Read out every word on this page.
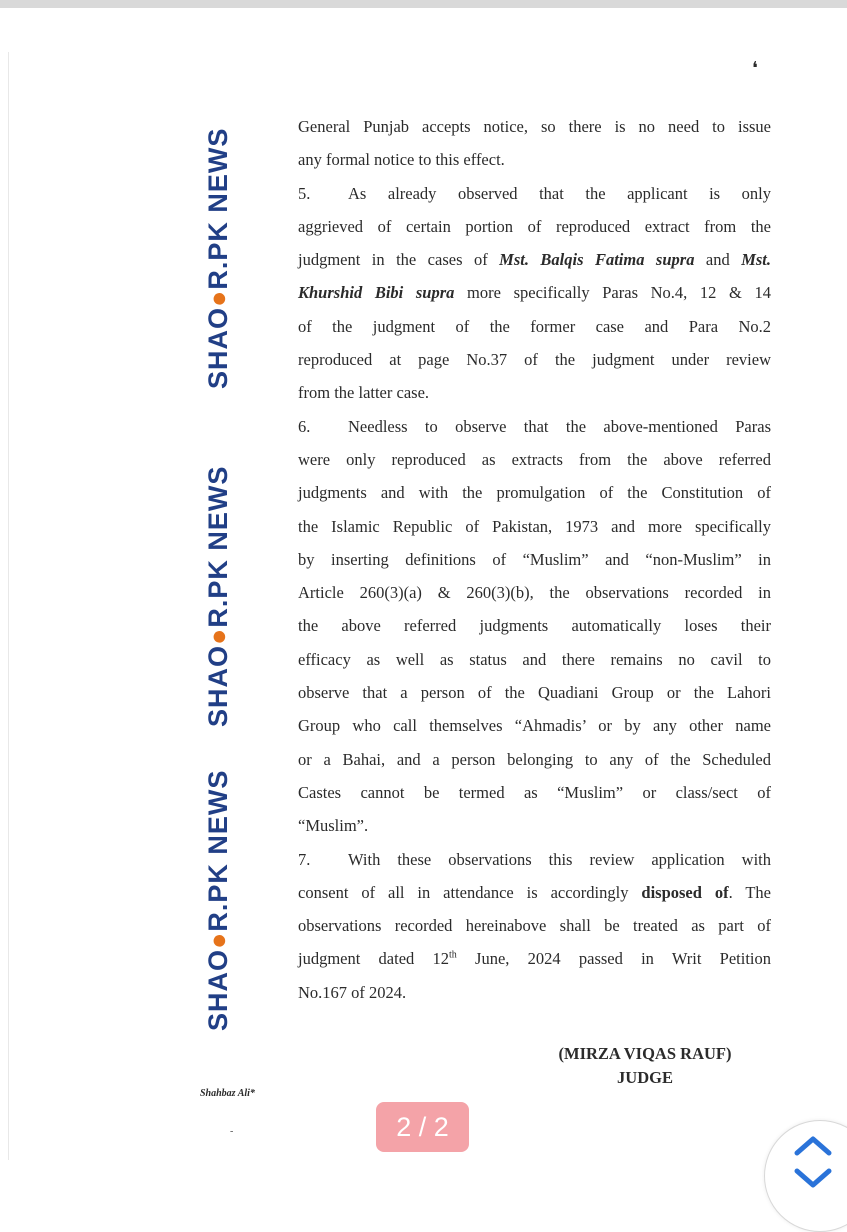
SHAO●R.PK NEWS
SHAO●R.PK NEWS
SHAO●R.PK NEWS
❛
General Punjab accepts notice, so there is no need to issue
any formal notice to this effect.
5. As already observed that the applicant is only
aggrieved of certain portion of reproduced extract from the
judgment in the cases of Mst. Balqis Fatima supra and Mst.
Khurshid Bibi supra more specifically Paras No.4, 12 & 14
of the judgment of the former case and Para No.2
reproduced at page No.37 of the judgment under review
from the latter case.
6. Needless to observe that the above-mentioned Paras
were only reproduced as extracts from the above referred
judgments and with the promulgation of the Constitution of
the Islamic Republic of Pakistan, 1973 and more specifically
by inserting definitions of “Muslim” and “non-Muslim” in
Article 260(3)(a) & 260(3)(b), the observations recorded in
the above referred judgments automatically loses their
efficacy as well as status and there remains no cavil to
observe that a person of the Quadiani Group or the Lahori
Group who call themselves “Ahmadis’ or by any other name
or a Bahai, and a person belonging to any of the Scheduled
Castes cannot be termed as “Muslim” or class/sect of
“Muslim”.
7. With these observations this review application with
consent of all in attendance is accordingly disposed of. The
observations recorded hereinabove shall be treated as part of
judgment dated 12th June, 2024 passed in Writ Petition
No.167 of 2024.
(MIRZA VIQAS RAUF)
JUDGE
Shahbaz Ali*
-	2 / 2
